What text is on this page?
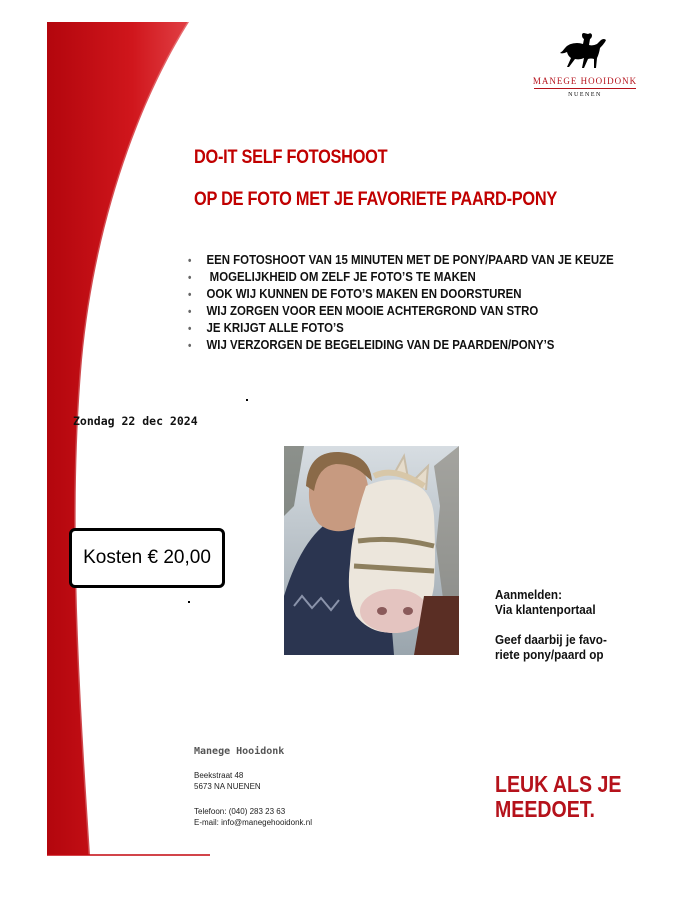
MANEGE HOOIDONK
NUENEN
DO-IT SELF FOTOSHOOT
OP DE FOTO MET JE FAVORIETE PAARD-PONY
• EEN FOTOSHOOT VAN 15 MINUTEN MET DE PONY/PAARD VAN JE KEUZE
• MOGELIJKHEID OM ZELF JE FOTO’S TE MAKEN
• OOK WIJ KUNNEN DE FOTO’S MAKEN EN DOORSTUREN
• WIJ ZORGEN VOOR EEN MOOIE ACHTERGROND VAN STRO
• JE KRIJGT ALLE FOTO’S
• WIJ VERZORGEN DE BEGELEIDING VAN DE PAARDEN/PONY’S
Zondag 22 dec 2024
Kosten € 20,00
Aanmelden:
Via klantenportaal
Geef daarbij je favo-
riete pony/paard op
Manege Hooidonk
Beekstraat 48
5673 NA NUENEN
Telefoon: (040) 283 23 63
E-mail: info@manegehooidonk.nl
LEUK ALS JE
MEEDOET.
